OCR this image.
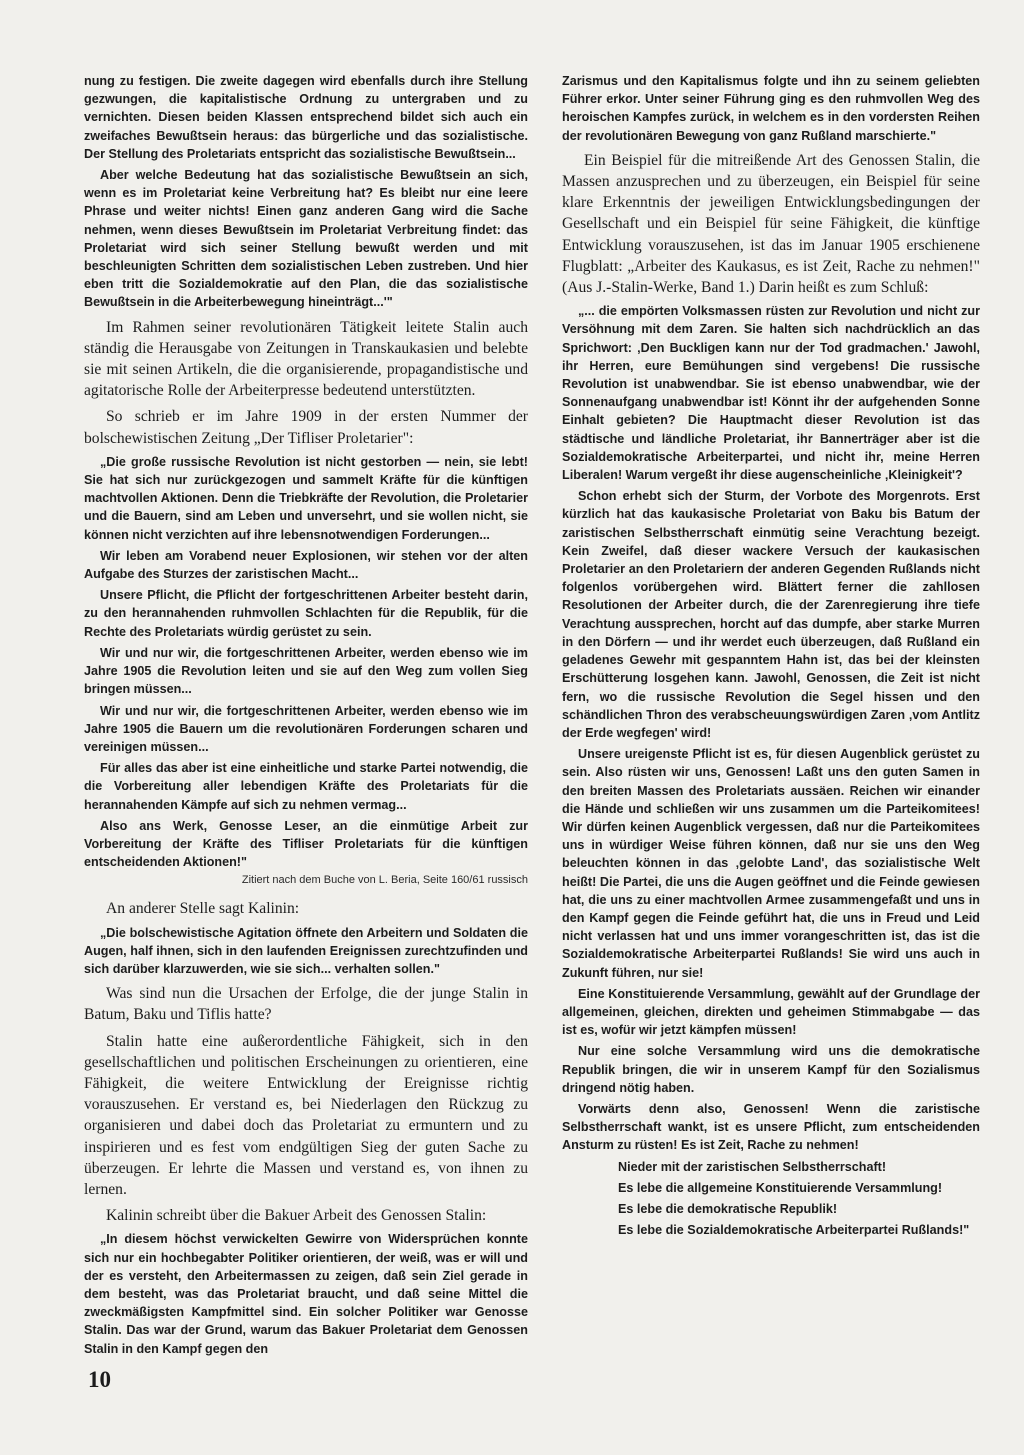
nung zu festigen. Die zweite dagegen wird ebenfalls durch ihre Stellung gezwungen, die kapitalistische Ordnung zu untergraben und zu vernichten. Diesen beiden Klassen entsprechend bildet sich auch ein zweifaches Bewußtsein heraus: das bürgerliche und das sozialistische. Der Stellung des Proletariats entspricht das sozialistische Bewußtsein...

Aber welche Bedeutung hat das sozialistische Bewußtsein an sich, wenn es im Proletariat keine Verbreitung hat? Es bleibt nur eine leere Phrase und weiter nichts! Einen ganz anderen Gang wird die Sache nehmen, wenn dieses Bewußtsein im Proletariat Verbreitung findet: das Proletariat wird sich seiner Stellung bewußt werden und mit beschleunigten Schritten dem sozialistischen Leben zustreben. Und hier eben tritt die Sozialdemokratie auf den Plan, die das sozialistische Bewußtsein in die Arbeiterbewegung hineinträgt...'"

Im Rahmen seiner revolutionären Tätigkeit leitete Stalin auch ständig die Herausgabe von Zeitungen in Transkaukasien und belebte sie mit seinen Artikeln, die die organisierende, propagandistische und agitatorische Rolle der Arbeiterpresse bedeutend unterstützten.

So schrieb er im Jahre 1909 in der ersten Nummer der bolschewistischen Zeitung „Der Tifliser Proletarier":

„Die große russische Revolution ist nicht gestorben — nein, sie lebt! Sie hat sich nur zurückgezogen und sammelt Kräfte für die künftigen machtvollen Aktionen. Denn die Triebkräfte der Revolution, die Proletarier und die Bauern, sind am Leben und unversehrt, und sie wollen nicht, sie können nicht verzichten auf ihre lebensnotwendigen Forderungen...

Wir leben am Vorabend neuer Explosionen, wir stehen vor der alten Aufgabe des Sturzes der zaristischen Macht...

Unsere Pflicht, die Pflicht der fortgeschrittenen Arbeiter besteht darin, zu den herannahenden ruhmvollen Schlachten für die Republik, für die Rechte des Proletariats würdig gerüstet zu sein.

Wir und nur wir, die fortgeschrittenen Arbeiter, werden ebenso wie im Jahre 1905 die Revolution leiten und sie auf den Weg zum vollen Sieg bringen müssen...

Wir und nur wir, die fortgeschrittenen Arbeiter, werden ebenso wie im Jahre 1905 die Bauern um die revolutionären Forderungen scharen und vereinigen müssen...

Für alles das aber ist eine einheitliche und starke Partei notwendig, die die Vorbereitung aller lebendigen Kräfte des Proletariats für die herannahenden Kämpfe auf sich zu nehmen vermag...

Also ans Werk, Genosse Leser, an die einmütige Arbeit zur Vorbereitung der Kräfte des Tifliser Proletariats für die künftigen entscheidenden Aktionen!"

Zitiert nach dem Buche von L. Beria, Seite 160/61 russisch

An anderer Stelle sagt Kalinin:

„Die bolschewistische Agitation öffnete den Arbeitern und Soldaten die Augen, half ihnen, sich in den laufenden Ereignissen zurechtzufinden und sich darüber klarzuwerden, wie sie sich... verhalten sollen."

Was sind nun die Ursachen der Erfolge, die der junge Stalin in Batum, Baku und Tiflis hatte?

Stalin hatte eine außerordentliche Fähigkeit, sich in den gesellschaftlichen und politischen Erscheinungen zu orientieren, eine Fähigkeit, die weitere Entwicklung der Ereignisse richtig vorauszusehen. Er verstand es, bei Niederlagen den Rückzug zu organisieren und dabei doch das Proletariat zu ermuntern und zu inspirieren und es fest vom endgültigen Sieg der guten Sache zu überzeugen. Er lehrte die Massen und verstand es, von ihnen zu lernen.

Kalinin schreibt über die Bakuer Arbeit des Genossen Stalin:

„In diesem höchst verwickelten Gewirre von Widersprüchen konnte sich nur ein hochbegabter Politiker orientieren, der weiß, was er will und der es versteht, den Arbeitermassen zu zeigen, daß sein Ziel gerade in dem besteht, was das Proletariat braucht, und daß seine Mittel die zweckmäßigsten Kampfmittel sind. Ein solcher Politiker war Genosse Stalin. Das war der Grund, warum das Bakuer Proletariat dem Genossen Stalin in den Kampf gegen den

Zarismus und den Kapitalismus folgte und ihn zu seinem geliebten Führer erkor. Unter seiner Führung ging es den ruhmvollen Weg des heroischen Kampfes zurück, in welchem es in den vordersten Reihen der revolutionären Bewegung von ganz Rußland marschierte."

Ein Beispiel für die mitreißende Art des Genossen Stalin, die Massen anzusprechen und zu überzeugen, ein Beispiel für seine klare Erkenntnis der jeweiligen Entwicklungsbedingungen der Gesellschaft und ein Beispiel für seine Fähigkeit, die künftige Entwicklung vorauszusehen, ist das im Januar 1905 erschienene Flugblatt: „Arbeiter des Kaukasus, es ist Zeit, Rache zu nehmen!" (Aus J.-Stalin-Werke, Band 1.) Darin heißt es zum Schluß:

„... die empörten Volksmassen rüsten zur Revolution und nicht zur Versöhnung mit dem Zaren. Sie halten sich nachdrücklich an das Sprichwort: ‚Den Buckligen kann nur der Tod gradmachen.' Jawohl, ihr Herren, eure Bemühungen sind vergebens! Die russische Revolution ist unabwendbar. Sie ist ebenso unabwendbar, wie der Sonnenaufgang unabwendbar ist! Könnt ihr der aufgehenden Sonne Einhalt gebieten? Die Hauptmacht dieser Revolution ist das städtische und ländliche Proletariat, ihr Bannerträger aber ist die Sozialdemokratische Arbeiterpartei, und nicht ihr, meine Herren Liberalen! Warum vergeßt ihr diese augenscheinliche ‚Kleinigkeit'?

Schon erhebt sich der Sturm, der Vorbote des Morgenrots. Erst kürzlich hat das kaukasische Proletariat von Baku bis Batum der zaristischen Selbstherrschaft einmütig seine Verachtung bezeigt. Kein Zweifel, daß dieser wackere Versuch der kaukasischen Proletarier an den Proletariern der anderen Gegenden Rußlands nicht folgenlos vorübergehen wird. Blättert ferner die zahllosen Resolutionen der Arbeiter durch, die der Zarenregierung ihre tiefe Verachtung aussprechen, horcht auf das dumpfe, aber starke Murren in den Dörfern — und ihr werdet euch überzeugen, daß Rußland ein geladenes Gewehr mit gespanntem Hahn ist, das bei der kleinsten Erschütterung losgehen kann. Jawohl, Genossen, die Zeit ist nicht fern, wo die russische Revolution die Segel hissen und den schändlichen Thron des verabscheuungswürdigen Zaren ‚vom Antlitz der Erde wegfegen' wird!

Unsere ureigenste Pflicht ist es, für diesen Augenblick gerüstet zu sein. Also rüsten wir uns, Genossen! Laßt uns den guten Samen in den breiten Massen des Proletariats aussäen. Reichen wir einander die Hände und schließen wir uns zusammen um die Parteikomitees! Wir dürfen keinen Augenblick vergessen, daß nur die Parteikomitees uns in würdiger Weise führen können, daß nur sie uns den Weg beleuchten können in das ‚gelobte Land', das sozialistische Welt heißt! Die Partei, die uns die Augen geöffnet und die Feinde gewiesen hat, die uns zu einer machtvollen Armee zusammengefaßt und uns in den Kampf gegen die Feinde geführt hat, die uns in Freud und Leid nicht verlassen hat und uns immer vorangeschritten ist, das ist die Sozialdemokratische Arbeiterpartei Rußlands! Sie wird uns auch in Zukunft führen, nur sie!

Eine Konstituierende Versammlung, gewählt auf der Grundlage der allgemeinen, gleichen, direkten und geheimen Stimmabgabe — das ist es, wofür wir jetzt kämpfen müssen!

Nur eine solche Versammlung wird uns die demokratische Republik bringen, die wir in unserem Kampf für den Sozialismus dringend nötig haben.

Vorwärts denn also, Genossen! Wenn die zaristische Selbstherrschaft wankt, ist es unsere Pflicht, zum entscheidenden Ansturm zu rüsten! Es ist Zeit, Rache zu nehmen!

Nieder mit der zaristischen Selbstherrschaft!

Es lebe die allgemeine Konstituierende Versammlung!

Es lebe die demokratische Republik!

Es lebe die Sozialdemokratische Arbeiterpartei Rußlands!"

10
